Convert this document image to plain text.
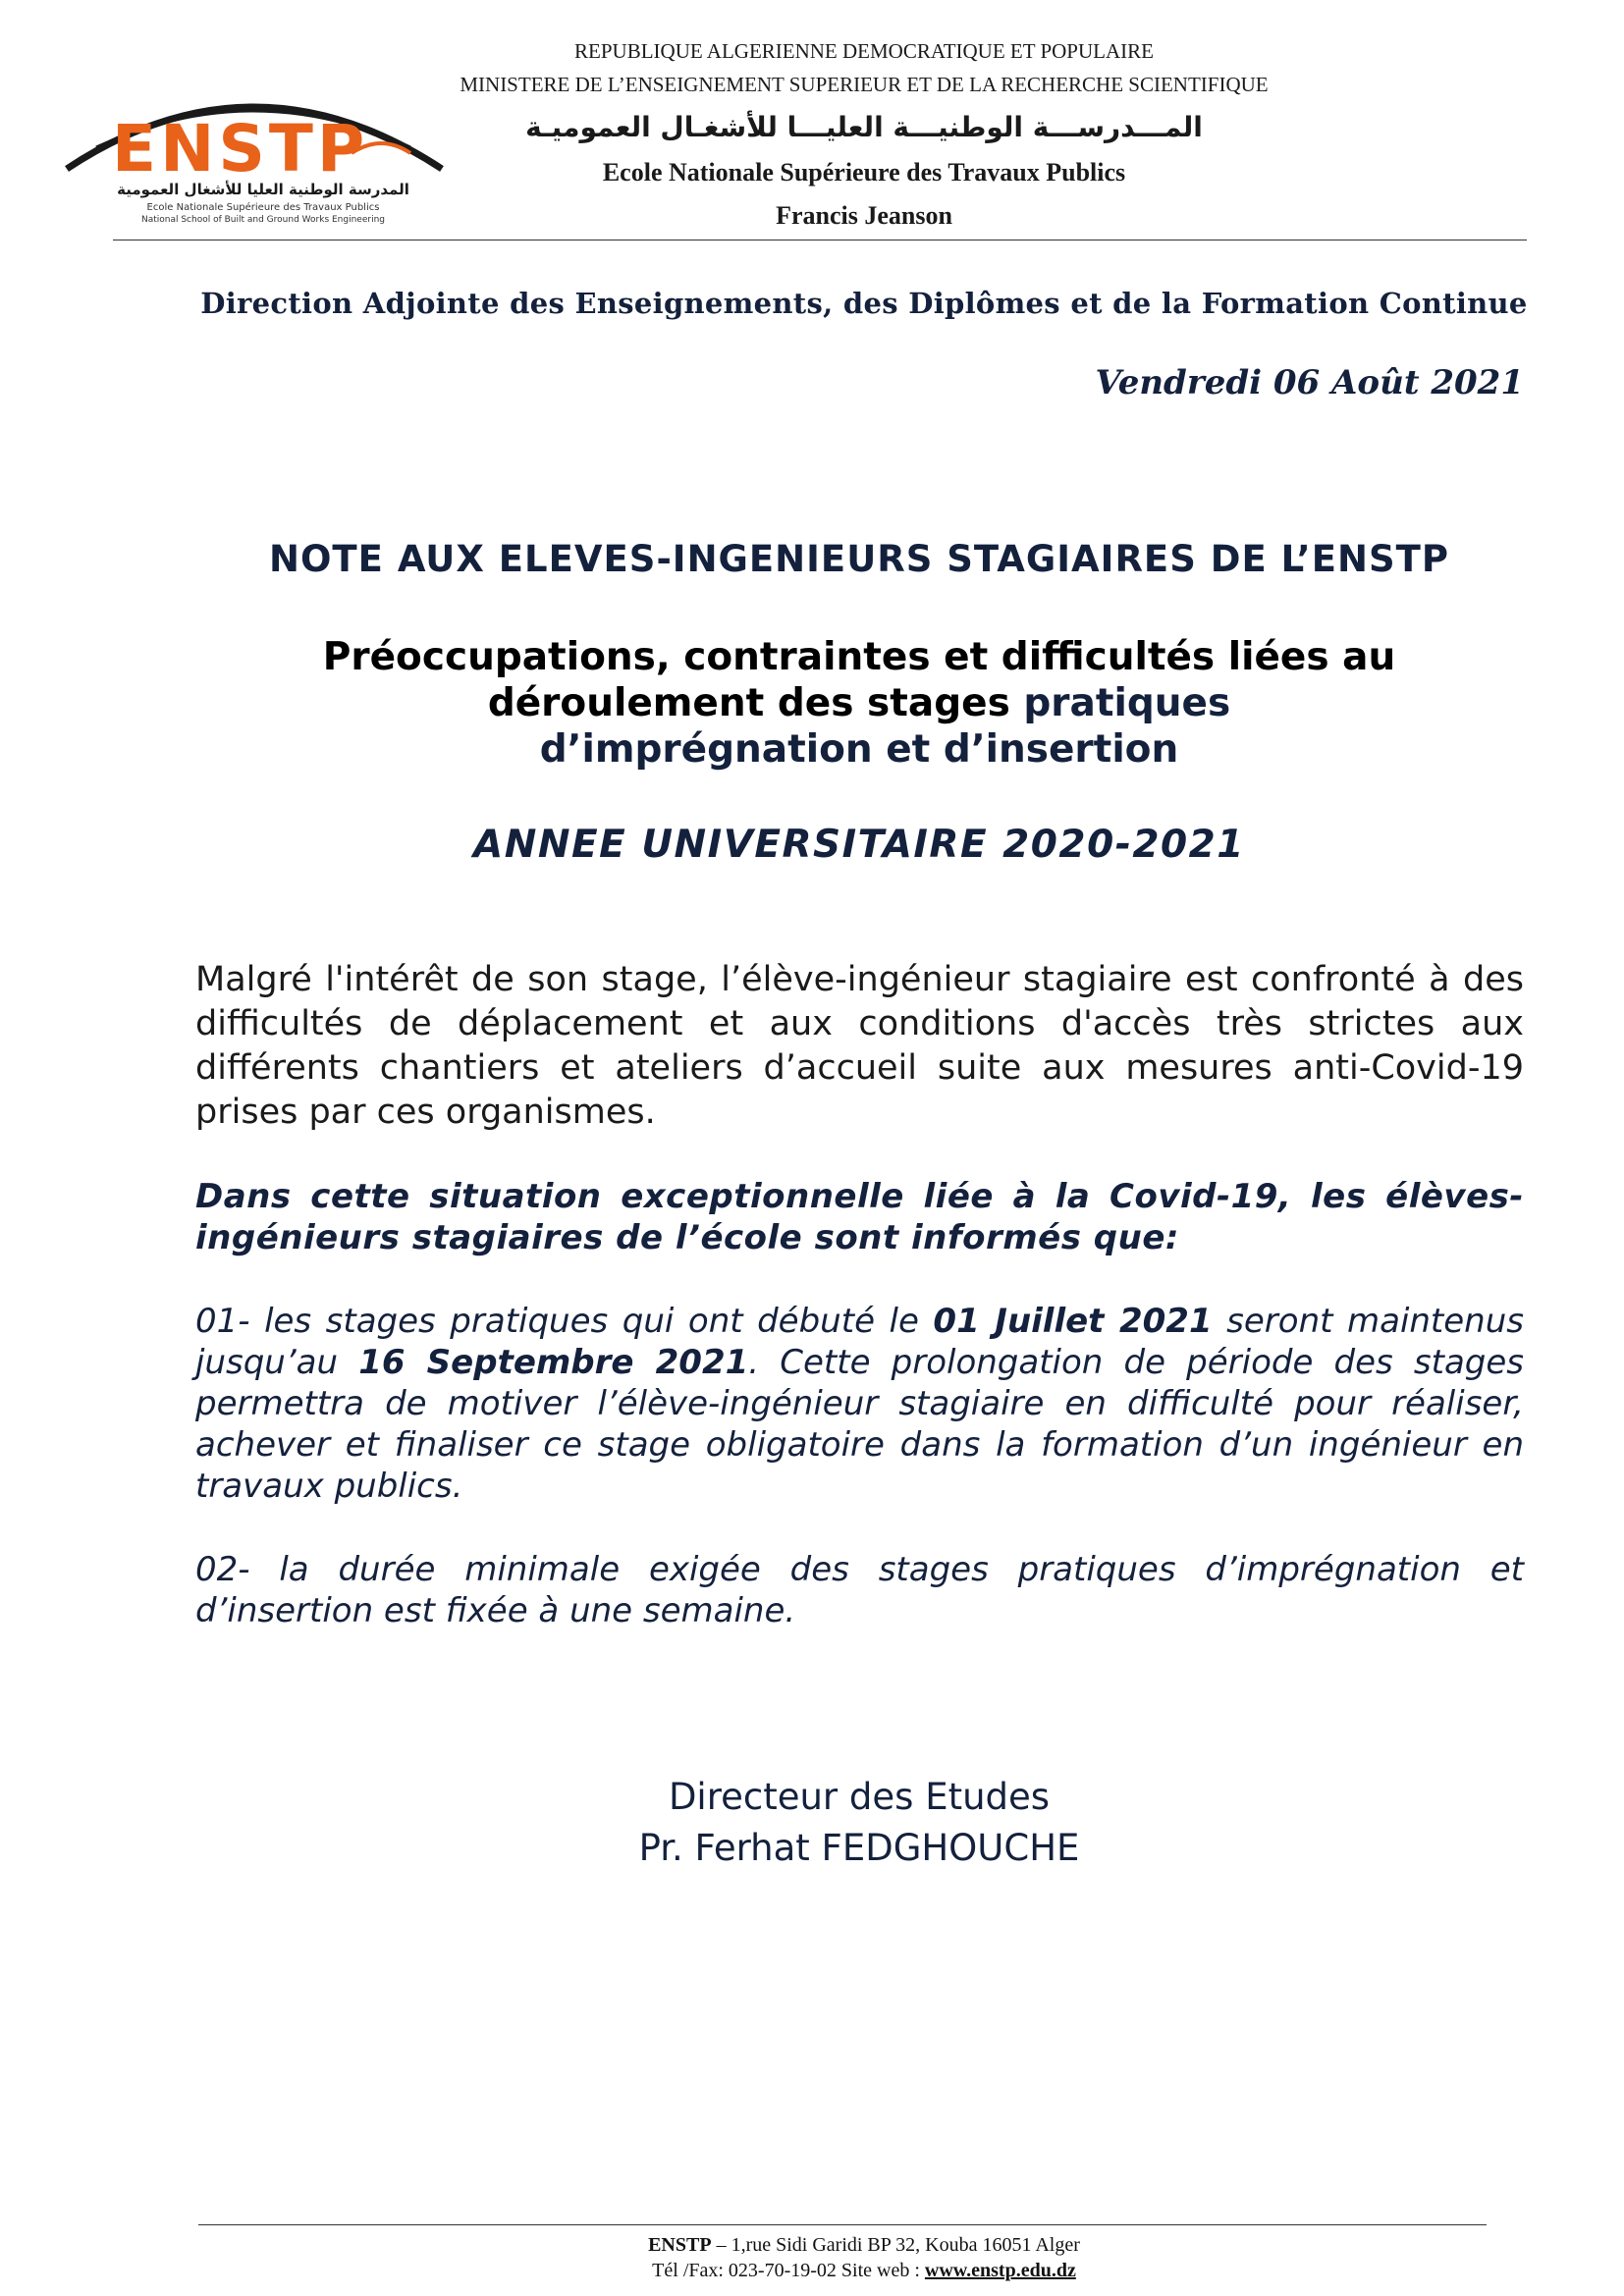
ENSTP
المدرسة الوطنية العليا للأشغال العمومية
Ecole Nationale Supérieure des Travaux Publics
National School of Built and Ground Works Engineering
REPUBLIQUE ALGERIENNE DEMOCRATIQUE ET POPULAIRE
MINISTERE DE L’ENSEIGNEMENT SUPERIEUR ET DE LA RECHERCHE SCIENTIFIQUE
المـــدرســـة الوطنيـــة العليـــا للأشغـال العموميـة
Ecole Nationale Supérieure des Travaux Publics
Francis Jeanson
Direction Adjointe des Enseignements, des Diplômes et de la Formation Continue
Vendredi 06 Août 2021
NOTE AUX ELEVES-INGENIEURS STAGIAIRES DE L’ENSTP
Préoccupations, contraintes et difficultés liées au
déroulement des stages pratiques
d’imprégnation et d’insertion
ANNEE UNIVERSITAIRE 2020-2021
Malgré l'intérêt de son stage, l’élève-ingénieur stagiaire est confronté à des difficultés de déplacement et aux conditions d'accès très strictes aux différents chantiers et ateliers d’accueil suite aux mesures anti-Covid-19 prises par ces organismes.
Dans cette situation exceptionnelle liée à la Covid-19, les élèves-ingénieurs stagiaires de l’école sont informés que:
01- les stages pratiques qui ont débuté le 01 Juillet 2021 seront maintenus jusqu’au 16 Septembre 2021. Cette prolongation de période des stages permettra de motiver l’élève-ingénieur stagiaire en difficulté pour réaliser, achever et finaliser ce stage obligatoire dans la formation d’un ingénieur en travaux publics.
02- la durée minimale exigée des stages pratiques d’imprégnation et d’insertion est fixée à une semaine.
Directeur des Etudes
Pr. Ferhat FEDGHOUCHE
ENSTP – 1,rue Sidi Garidi BP 32, Kouba 16051 Alger
Tél /Fax: 023-70-19-02 Site web : www.enstp.edu.dz
